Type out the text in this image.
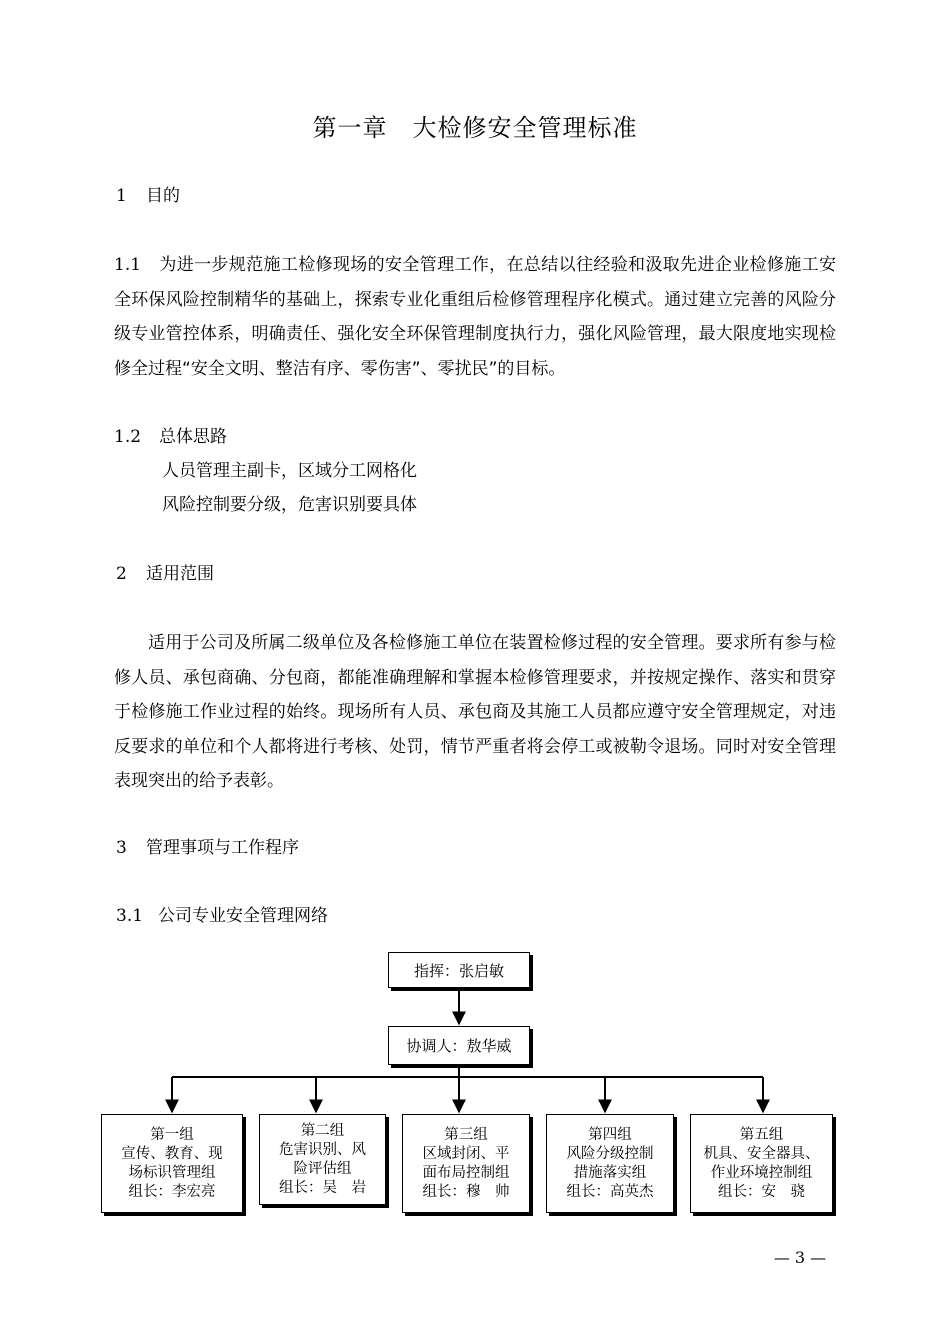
第一章　大检修安全管理标准
1 目的
1.1 为进一步规范施工检修现场的安全管理工作，在总结以往经验和汲取先进企业检修施工安全环保风险控制精华的基础上，探索专业化重组后检修管理程序化模式。通过建立完善的风险分级专业管控体系，明确责任、强化安全环保管理制度执行力，强化风险管理，最大限度地实现检修全过程“安全文明、整洁有序、零伤害”、零扰民”的目标。
1.2 总体思路
人员管理主副卡，区域分工网格化
风险控制要分级，危害识别要具体
2 适用范围
适用于公司及所属二级单位及各检修施工单位在装置检修过程的安全管理。要求所有参与检修人员、承包商确、分包商，都能准确理解和掌握本检修管理要求，并按规定操作、落实和贯穿于检修施工作业过程的始终。现场所有人员、承包商及其施工人员都应遵守安全管理规定，对违反要求的单位和个人都将进行考核、处罚，情节严重者将会停工或被勒令退场。同时对安全管理表现突出的给予表彰。
3 管理事项与工作程序
3.1 公司专业安全管理网络
指挥：张启敏
协调人：敖华威
第一组
宣传、教育、现
场标识管理组
组长：李宏亮
第二组
危害识别、风
险评估组
组长：吴　岩
第三组
区域封闭、平
面布局控制组
组长：穆　帅
第四组
风险分级控制
措施落实组
组长：高英杰
第五组
机具、安全器具、
作业环境控制组
组长：安　骁
— 3 —
